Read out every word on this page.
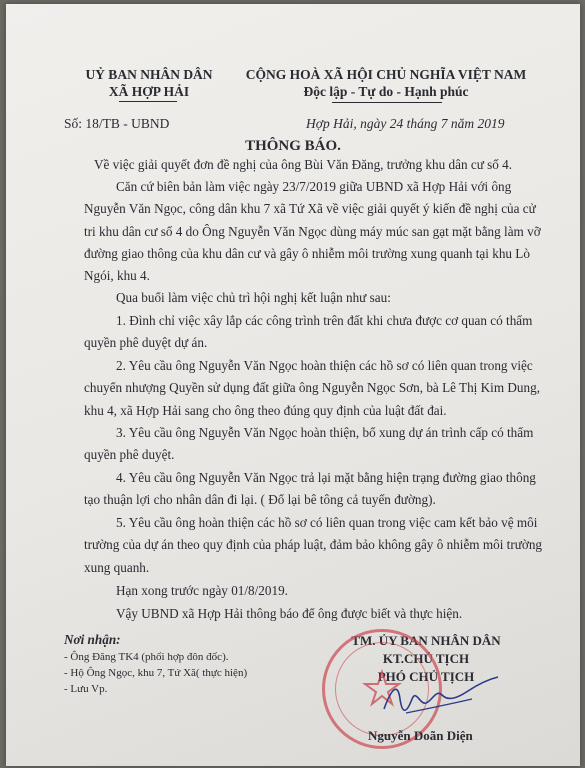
UỶ BAN NHÂN DÂN
XÃ HỢP HẢI
CỘNG HOÀ XÃ HỘI CHỦ NGHĨA VIỆT NAM
Độc lập - Tự do - Hạnh phúc
Số: 18/TB - UBND	Hợp Hải, ngày 24 tháng 7 năm 2019
THÔNG BÁO.
Về việc giải quyết đơn đề nghị của ông Bùi Văn Đăng, trưởng khu dân cư số 4.
Căn cứ biên bản làm việc ngày 23/7/2019 giữa UBND xã Hợp Hải với ông Nguyễn Văn Ngọc, công dân khu 7 xã Tứ Xã về việc giải quyết ý kiến đề nghị của cử tri khu dân cư số 4 do Ông Nguyễn Văn Ngọc dùng máy múc san gạt mặt bằng làm vỡ đường giao thông của khu dân cư và gây ô nhiễm môi trường xung quanh tại khu Lò Ngói, khu 4.
Qua buổi làm việc chủ trì hội nghị kết luận như sau:
1. Đình chỉ việc xây lắp các công trình trên đất khi chưa được cơ quan có thẩm quyền phê duyệt dự án.
2. Yêu cầu ông Nguyễn Văn Ngọc hoàn thiện các hồ sơ có liên quan trong việc chuyển nhượng Quyền sử dụng đất giữa ông Nguyễn Ngọc Sơn, bà Lê Thị Kim Dung, khu 4, xã Hợp Hải sang cho ông theo đúng quy định của luật đất đai.
3. Yêu cầu ông Nguyễn Văn Ngọc hoàn thiện, bổ xung dự án trình cấp có thẩm quyền phê duyệt.
4. Yêu cầu ông Nguyễn Văn Ngọc trả lại mặt bằng hiện trạng đường giao thông tạo thuận lợi cho nhân dân đi lại. ( Đổ lại bê tông cả tuyến đường).
5. Yêu cầu ông hoàn thiện các hồ sơ có liên quan trong việc cam kết bảo vệ môi trường của dự án theo quy định của pháp luật, đảm bảo không gây ô nhiễm môi trường xung quanh.
Hạn xong trước ngày 01/8/2019.
Vậy UBND xã Hợp Hải thông báo để ông được biết và thực hiện.
Nơi nhận:
- Ông Đăng TK4 (phối hợp đôn đốc).
- Hộ Ông Ngọc, khu 7, Tứ Xã( thực hiện)
- Lưu Vp.
TM. ỦY BAN NHÂN DÂN
KT.CHỦ TỊCH
PHÓ CHỦ TỊCH
Nguyễn Doãn Diện
